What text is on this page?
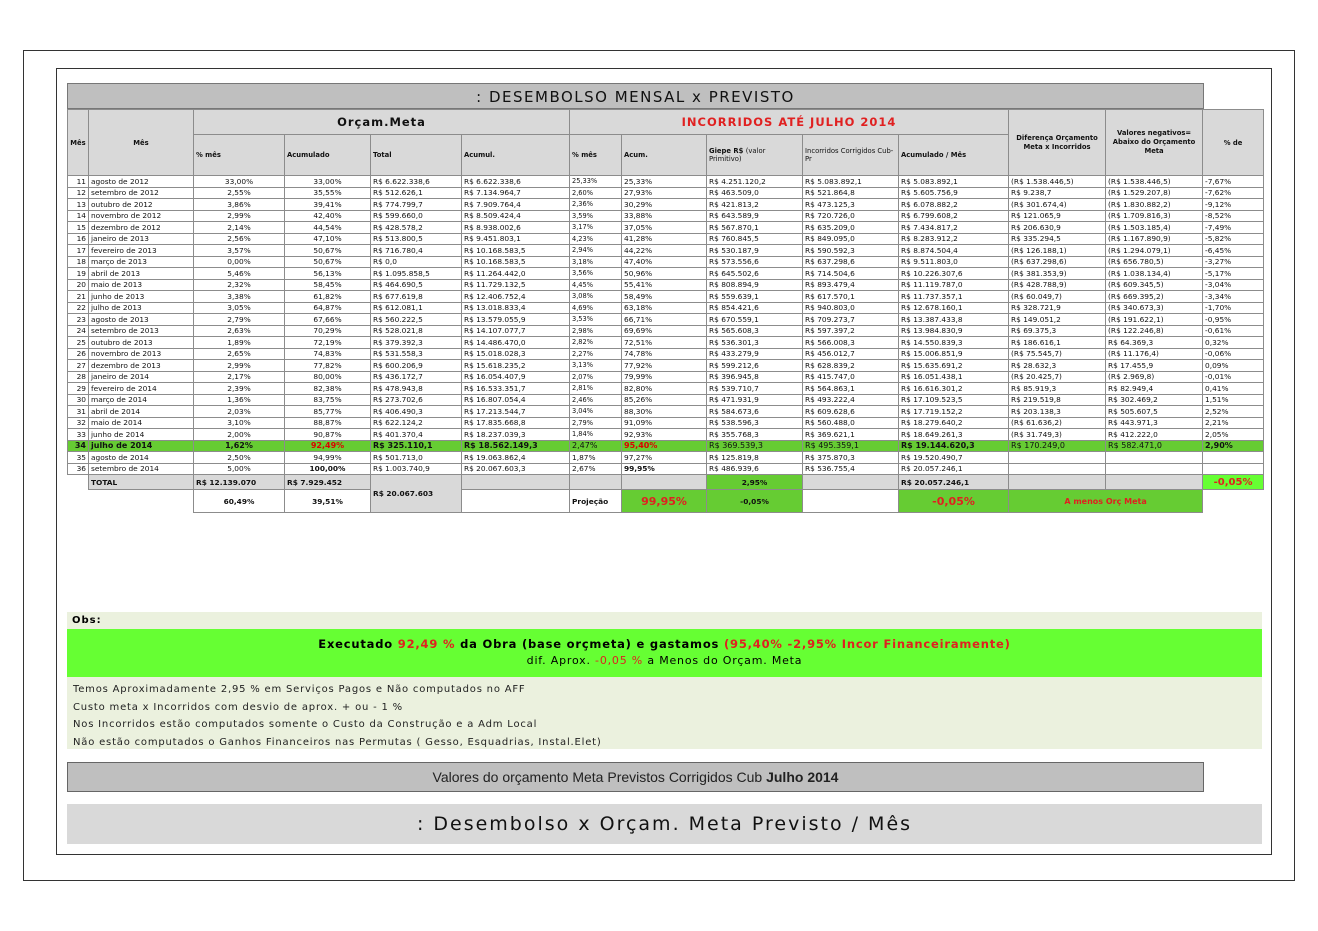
: DESEMBOLSO MENSAL x PREVISTO
Mês	Mês	Orçam.Meta				INCORRIDOS ATÉ JULHO 2014					Diferença Orçamento Meta x Incorridos	Valores negativos= Abaixo do Orçamento Meta	% de
		% mês	Acumulado	Total	Acumul.	% mês	Acum.	Giepe R$ (valor Primitivo)	Incorridos Corrigidos Cub-Pr	Acumulado / Mês			
11	agosto de 2012	33,00%	33,00%	R$ 6.622.338,6	R$ 6.622.338,6	25,33%	25,33%	R$ 4.251.120,2	R$ 5.083.892,1	R$ 5.083.892,1	(R$ 1.538.446,5)	(R$ 1.538.446,5)	-7,67%
12	setembro de 2012	2,55%	35,55%	R$ 512.626,1	R$ 7.134.964,7	2,60%	27,93%	R$ 463.509,0	R$ 521.864,8	R$ 5.605.756,9	R$ 9.238,7	(R$ 1.529.207,8)	-7,62%
13	outubro de 2012	3,86%	39,41%	R$ 774.799,7	R$ 7.909.764,4	2,36%	30,29%	R$ 421.813,2	R$ 473.125,3	R$ 6.078.882,2	(R$ 301.674,4)	(R$ 1.830.882,2)	-9,12%
14	novembro de 2012	2,99%	42,40%	R$ 599.660,0	R$ 8.509.424,4	3,59%	33,88%	R$ 643.589,9	R$ 720.726,0	R$ 6.799.608,2	R$ 121.065,9	(R$ 1.709.816,3)	-8,52%
15	dezembro de 2012	2,14%	44,54%	R$ 428.578,2	R$ 8.938.002,6	3,17%	37,05%	R$ 567.870,1	R$ 635.209,0	R$ 7.434.817,2	R$ 206.630,9	(R$ 1.503.185,4)	-7,49%
16	janeiro de 2013	2,56%	47,10%	R$ 513.800,5	R$ 9.451.803,1	4,23%	41,28%	R$ 760.845,5	R$ 849.095,0	R$ 8.283.912,2	R$ 335.294,5	(R$ 1.167.890,9)	-5,82%
17	fevereiro de 2013	3,57%	50,67%	R$ 716.780,4	R$ 10.168.583,5	2,94%	44,22%	R$ 530.187,9	R$ 590.592,3	R$ 8.874.504,4	(R$ 126.188,1)	(R$ 1.294.079,1)	-6,45%
18	março de 2013	0,00%	50,67%	R$ 0,0	R$ 10.168.583,5	3,18%	47,40%	R$ 573.556,6	R$ 637.298,6	R$ 9.511.803,0	(R$ 637.298,6)	(R$ 656.780,5)	-3,27%
19	abril de 2013	5,46%	56,13%	R$ 1.095.858,5	R$ 11.264.442,0	3,56%	50,96%	R$ 645.502,6	R$ 714.504,6	R$ 10.226.307,6	(R$ 381.353,9)	(R$ 1.038.134,4)	-5,17%
20	maio de 2013	2,32%	58,45%	R$ 464.690,5	R$ 11.729.132,5	4,45%	55,41%	R$ 808.894,9	R$ 893.479,4	R$ 11.119.787,0	(R$ 428.788,9)	(R$ 609.345,5)	-3,04%
21	junho de 2013	3,38%	61,82%	R$ 677.619,8	R$ 12.406.752,4	3,08%	58,49%	R$ 559.639,1	R$ 617.570,1	R$ 11.737.357,1	(R$ 60.049,7)	(R$ 669.395,2)	-3,34%
22	julho de 2013	3,05%	64,87%	R$ 612.081,1	R$ 13.018.833,4	4,69%	63,18%	R$ 854.421,6	R$ 940.803,0	R$ 12.678.160,1	R$ 328.721,9	(R$ 340.673,3)	-1,70%
23	agosto de 2013	2,79%	67,66%	R$ 560.222,5	R$ 13.579.055,9	3,53%	66,71%	R$ 670.559,1	R$ 709.273,7	R$ 13.387.433,8	R$ 149.051,2	(R$ 191.622,1)	-0,95%
24	setembro de 2013	2,63%	70,29%	R$ 528.021,8	R$ 14.107.077,7	2,98%	69,69%	R$ 565.608,3	R$ 597.397,2	R$ 13.984.830,9	R$ 69.375,3	(R$ 122.246,8)	-0,61%
25	outubro de 2013	1,89%	72,19%	R$ 379.392,3	R$ 14.486.470,0	2,82%	72,51%	R$ 536.301,3	R$ 566.008,3	R$ 14.550.839,3	R$ 186.616,1	R$ 64.369,3	0,32%
26	novembro de 2013	2,65%	74,83%	R$ 531.558,3	R$ 15.018.028,3	2,27%	74,78%	R$ 433.279,9	R$ 456.012,7	R$ 15.006.851,9	(R$ 75.545,7)	(R$ 11.176,4)	-0,06%
27	dezembro de 2013	2,99%	77,82%	R$ 600.206,9	R$ 15.618.235,2	3,13%	77,92%	R$ 599.212,6	R$ 628.839,2	R$ 15.635.691,2	R$ 28.632,3	R$ 17.455,9	0,09%
28	janeiro de 2014	2,17%	80,00%	R$ 436.172,7	R$ 16.054.407,9	2,07%	79,99%	R$ 396.945,8	R$ 415.747,0	R$ 16.051.438,1	(R$ 20.425,7)	(R$ 2.969,8)	-0,01%
29	fevereiro de 2014	2,39%	82,38%	R$ 478.943,8	R$ 16.533.351,7	2,81%	82,80%	R$ 539.710,7	R$ 564.863,1	R$ 16.616.301,2	R$ 85.919,3	R$ 82.949,4	0,41%
30	março de 2014	1,36%	83,75%	R$ 273.702,6	R$ 16.807.054,4	2,46%	85,26%	R$ 471.931,9	R$ 493.222,4	R$ 17.109.523,5	R$ 219.519,8	R$ 302.469,2	1,51%
31	abril de 2014	2,03%	85,77%	R$ 406.490,3	R$ 17.213.544,7	3,04%	88,30%	R$ 584.673,6	R$ 609.628,6	R$ 17.719.152,2	R$ 203.138,3	R$ 505.607,5	2,52%
32	maio de 2014	3,10%	88,87%	R$ 622.124,2	R$ 17.835.668,8	2,79%	91,09%	R$ 538.596,3	R$ 560.488,0	R$ 18.279.640,2	(R$ 61.636,2)	R$ 443.971,3	2,21%
33	junho de 2014	2,00%	90,87%	R$ 401.370,4	R$ 18.237.039,3	1,84%	92,93%	R$ 355.768,3	R$ 369.621,1	R$ 18.649.261,3	(R$ 31.749,3)	R$ 412.222,0	2,05%
34	julho de 2014	1,62%	92,49%	R$ 325.110,1	R$ 18.562.149,3	2,47%	95,40%	R$ 369.539,3	R$ 495.359,1	R$ 19.144.620,3	R$ 170.249,0	R$ 582.471,0	2,90%
35	agosto de 2014	2,50%	94,99%	R$ 501.713,0	R$ 19.063.862,4	1,87%	97,27%	R$ 125.819,8	R$ 375.870,3	R$ 19.520.490,7			
36	setembro de 2014	5,00%	100,00%	R$ 1.003.740,9	R$ 20.067.603,3	2,67%	99,95%	R$ 486.939,6	R$ 536.755,4	R$ 20.057.246,1			
	TOTAL	R$ 12.139.070	R$ 7.929.452	R$ 20.067.603				2,95%		R$ 20.057.246,1			-0,05%
		60,49%	39,51%			Projeção	99,95%	-0,05%		-0,05%	A menos Orç Meta		
Obs:
Executado 92,49 % da Obra (base orçmeta) e gastamos (95,40% -2,95% Incor Financeiramente)
dif. Aprox. -0,05 % a Menos do Orçam. Meta
Temos Aproximadamente 2,95 % em Serviços Pagos e Não computados no AFF
Custo meta x Incorridos com desvio de aprox. + ou - 1 %
Nos Incorridos estão computados somente o Custo da Construção e a Adm Local
Não estão computados o Ganhos Financeiros nas Permutas ( Gesso, Esquadrias, Instal.Elet)
Valores do orçamento Meta Previstos Corrigidos Cub Julho 2014
: Desembolso x Orçam. Meta Previsto / Mês
